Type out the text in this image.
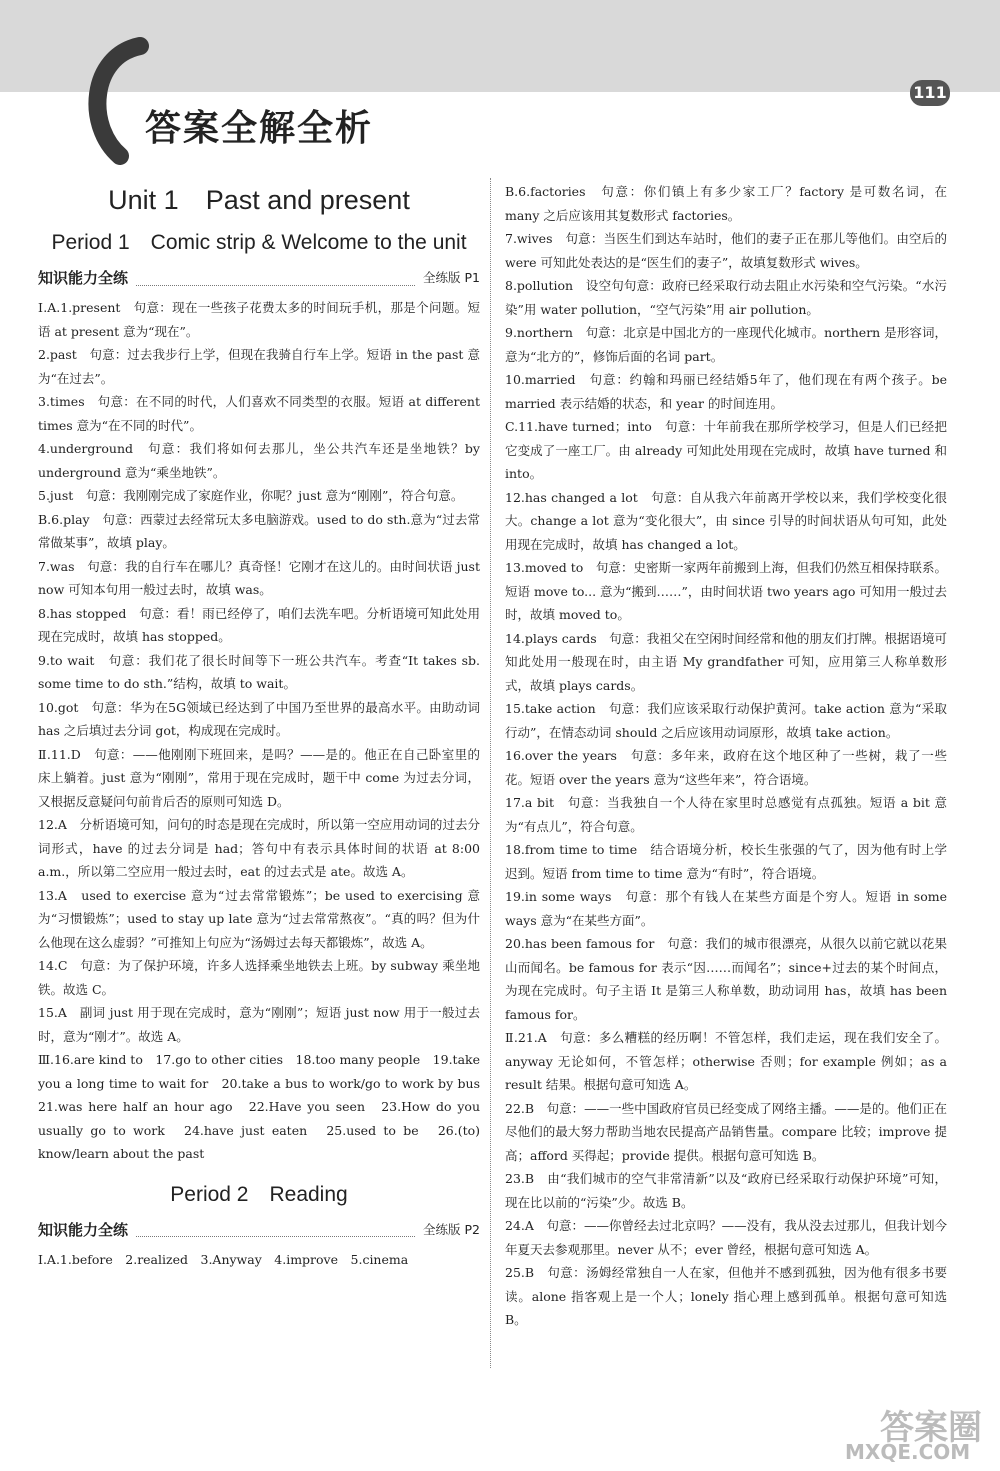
111
答案全解全析
Unit 1　Past and present
Period 1　Comic strip & Welcome to the unit
知识能力全练	全练版 P1

Ⅰ.A.1.present　句意：现在一些孩子花费太多的时间玩手机，那是个问题。短语 at present 意为“现在”。

2.past　句意：过去我步行上学，但现在我骑自行车上学。短语 in the past 意为“在过去”。

3.times　句意：在不同的时代，人们喜欢不同类型的衣服。短语 at different times 意为“在不同的时代”。

4.underground　句意：我们将如何去那儿，坐公共汽车还是坐地铁？by underground 意为“乘坐地铁”。

5.just　句意：我刚刚完成了家庭作业，你呢？just 意为“刚刚”，符合句意。

B.6.play　句意：西蒙过去经常玩太多电脑游戏。used to do sth.意为“过去常常做某事”，故填 play。

7.was　句意：我的自行车在哪儿？真奇怪！它刚才在这儿的。由时间状语 just now 可知本句用一般过去时，故填 was。

8.has stopped　句意：看！雨已经停了，咱们去洗车吧。分析语境可知此处用现在完成时，故填 has stopped。

9.to wait　句意：我们花了很长时间等下一班公共汽车。考查“It takes sb. some time to do sth.”结构，故填 to wait。

10.got　句意：华为在5G领域已经达到了中国乃至世界的最高水平。由助动词 has 之后填过去分词 got，构成现在完成时。

Ⅱ.11.D　句意：——他刚刚下班回来，是吗？——是的。他正在自己卧室里的床上躺着。just 意为“刚刚”，常用于现在完成时，题干中 come 为过去分词，又根据反意疑问句前肯后否的原则可知选 D。

12.A　分析语境可知，问句的时态是现在完成时，所以第一空应用动词的过去分词形式，have 的过去分词是 had；答句中有表示具体时间的状语 at 8:00 a.m.，所以第二空应用一般过去时，eat 的过去式是 ate。故选 A。

13.A　used to exercise 意为“过去常常锻炼”；be used to exercising 意为“习惯锻炼”；used to stay up late 意为“过去常常熬夜”。“真的吗？但为什么他现在这么虚弱？”可推知上句应为“汤姆过去每天都锻炼”，故选 A。

14.C　句意：为了保护环境，许多人选择乘坐地铁去上班。by subway 乘坐地铁。故选 C。

15.A　副词 just 用于现在完成时，意为“刚刚”；短语 just now 用于一般过去时，意为“刚才”。故选 A。

Ⅲ.16.are kind to　17.go to other cities　18.too many people　19.take you a long time to wait for　20.take a bus to work/go to work by bus　21.was here half an hour ago　22.Have you seen　23.How do you usually go to work　24.have just eaten　25.used to be　26.(to) know/learn about the past

Period 2　Reading
知识能力全练	全练版 P2

Ⅰ.A.1.before　2.realized　3.Anyway　4.improve　5.cinema

B.6.factories　句意：你们镇上有多少家工厂？factory 是可数名词，在 many 之后应该用其复数形式 factories。

7.wives　句意：当医生们到达车站时，他们的妻子正在那儿等他们。由空后的 were 可知此处表达的是“医生们的妻子”，故填复数形式 wives。

8.pollution　设空句句意：政府已经采取行动去阻止水污染和空气污染。“水污染”用 water pollution，“空气污染”用 air pollution。

9.northern　句意：北京是中国北方的一座现代化城市。northern 是形容词，意为“北方的”，修饰后面的名词 part。

10.married　句意：约翰和玛丽已经结婚5年了，他们现在有两个孩子。be married 表示结婚的状态，和 year 的时间连用。

C.11.have turned；into　句意：十年前我在那所学校学习，但是人们已经把它变成了一座工厂。由 already 可知此处用现在完成时，故填 have turned 和 into。

12.has changed a lot　句意：自从我六年前离开学校以来，我们学校变化很大。change a lot 意为“变化很大”，由 since 引导的时间状语从句可知，此处用现在完成时，故填 has changed a lot。

13.moved to　句意：史密斯一家两年前搬到上海，但我们仍然互相保持联系。短语 move to... 意为“搬到……”，由时间状语 two years ago 可知用一般过去时，故填 moved to。

14.plays cards　句意：我祖父在空闲时间经常和他的朋友们打牌。根据语境可知此处用一般现在时，由主语 My grandfather 可知，应用第三人称单数形式，故填 plays cards。

15.take action　句意：我们应该采取行动保护黄河。take action 意为“采取行动”，在情态动词 should 之后应该用动词原形，故填 take action。

16.over the years　句意：多年来，政府在这个地区种了一些树，栽了一些花。短语 over the years 意为“这些年来”，符合语境。

17.a bit　句意：当我独自一个人待在家里时总感觉有点孤独。短语 a bit 意为“有点儿”，符合句意。

18.from time to time　结合语境分析，校长生张强的气了，因为他有时上学迟到。短语 from time to time 意为“有时”，符合语境。

19.in some ways　句意：那个有钱人在某些方面是个穷人。短语 in some ways 意为“在某些方面”。

20.has been famous for　句意：我们的城市很漂亮，从很久以前它就以花果山而闻名。be famous for 表示“因……而闻名”；since+过去的某个时间点，为现在完成时。句子主语 It 是第三人称单数，助动词用 has，故填 has been famous for。

Ⅱ.21.A　句意：多么糟糕的经历啊！不管怎样，我们走运，现在我们安全了。anyway 无论如何，不管怎样；otherwise 否则；for example 例如；as a result 结果。根据句意可知选 A。

22.B　句意：——一些中国政府官员已经变成了网络主播。——是的。他们正在尽他们的最大努力帮助当地农民提高产品销售量。compare 比较；improve 提高；afford 买得起；provide 提供。根据句意可知选 B。

23.B　由“我们城市的空气非常清新”以及“政府已经采取行动保护环境”可知，现在比以前的“污染”少。故选 B。

24.A　句意：——你曾经去过北京吗？——没有，我从没去过那儿，但我计划今年夏天去参观那里。never 从不；ever 曾经，根据句意可知选 A。

25.B　句意：汤姆经常独自一人在家，但他并不感到孤独，因为他有很多书要读。alone 指客观上是一个人；lonely 指心理上感到孤单。根据句意可知选 B。

答案圈
MXQE.COM
